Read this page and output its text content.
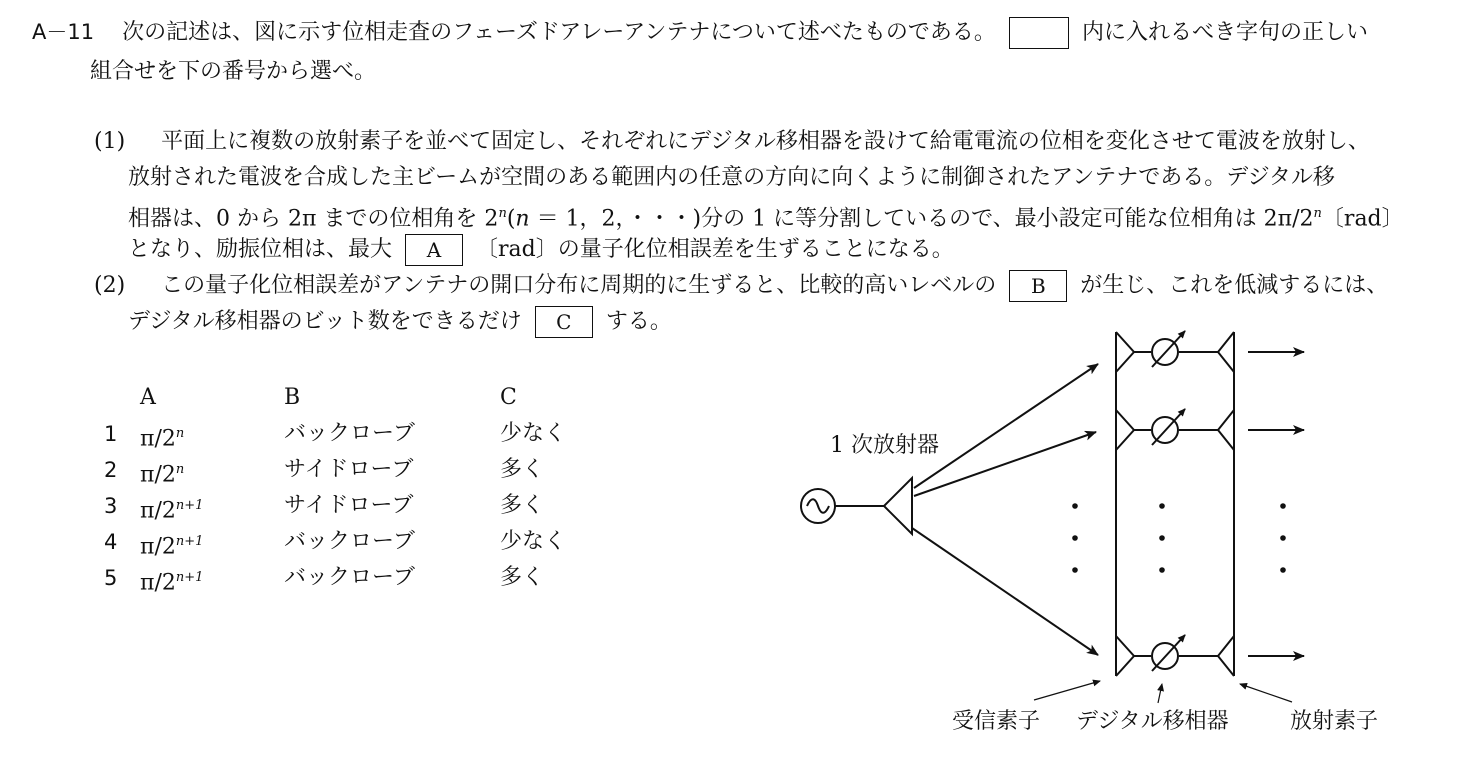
A－11 次の記述は、図に示す位相走査のフェーズドアレーアンテナについて述べたものである。	内に入れるべき字句の正しい
組合せを下の番号から選べ。
(1) 平面上に複数の放射素子を並べて固定し、それぞれにデジタル移相器を設けて給電電流の位相を変化させて電波を放射し、
放射された電波を合成した主ビームが空間のある範囲内の任意の方向に向くように制御されたアンテナである。デジタル移
相器は、0 から 2π までの位相角を $2^n(n = 1$，2，・・・)分の 1 に等分割しているので、最小設定可能な位相角は 2π/2$^n$〔rad〕
となり、励振位相は、最大 A 〔rad〕の量子化位相誤差を生ずることになる。
(2) この量子化位相誤差がアンテナの開口分布に周期的に生ずると、比較的高いレベルの B が生じ、これを低減するには、
デジタル移相器のビット数をできるだけ C する。
A	B	C
1 π/2$^n$	バックローブ	少なく
2 π/2$^n$	サイドローブ	多く
3 $\pi/2^{n+1}$	サイドローブ	多く
4 $\pi/2^{n+1}$	バックローブ	少なく
5 $\pi/2^{n+1}$	バックローブ	多く
1 次放射器
受信素子 デジタル移相器	放射素子
